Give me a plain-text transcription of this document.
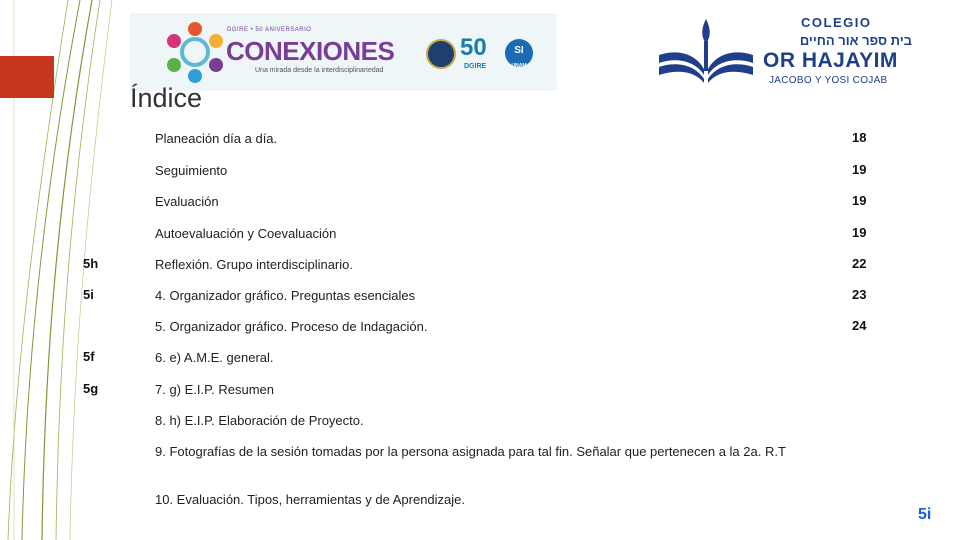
DGIRE • 50 ANIVERSARIO
CONEXIONES
Una mirada desde la interdisciplinariedad
50
DGIRE
SI
UNAM
COLEGIO
בית ספר אור החיים
OR HAJAYIM
JACOBO Y YOSI COJAB
Índice
Planeación día a día.	18
Seguimiento	19
Evaluación	19
Autoevaluación y Coevaluación	19
5h	Reflexión. Grupo interdisciplinario.	22
5i	4. Organizador gráfico. Preguntas esenciales	23
5. Organizador gráfico. Proceso de Indagación.	24
5f	6. e) A.M.E. general.
5g	7. g) E.I.P. Resumen
8. h) E.I.P. Elaboración de Proyecto.
9. Fotografías de la sesión tomadas por la persona asignada para tal fin. Señalar que pertenecen a la 2a. R.T
10. Evaluación. Tipos, herramientas y de Aprendizaje.
5i
